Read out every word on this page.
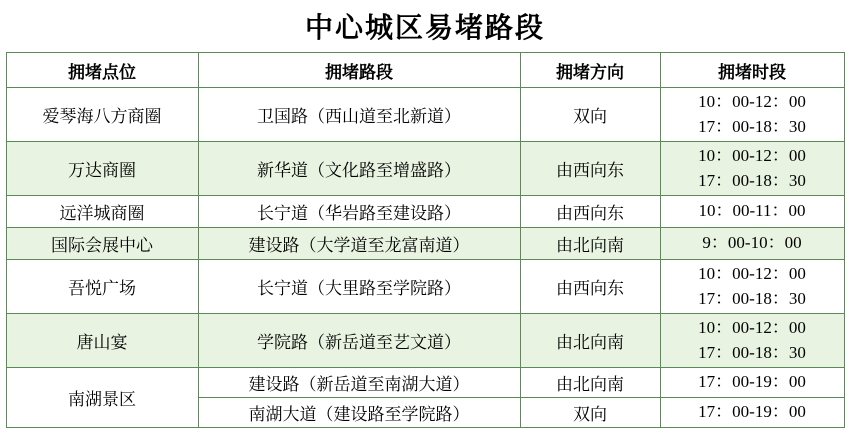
中心城区易堵路段
拥堵点位	拥堵路段	拥堵方向	拥堵时段
爱琴海八方商圈	卫国路（西山道至北新道）	双向	10：00-12：00
17：00-18：30

万达商圈	新华道（文化路至增盛路）	由西向东	10：00-12：00
17：00-18：30

远洋城商圈	长宁道（华岩路至建设路）	由西向东	10：00-11：00

国际会展中心	建设路（大学道至龙富南道）	由北向南	9：00-10：00

吾悦广场	长宁道（大里路至学院路）	由西向东	10：00-12：00
17：00-18：30

唐山宴	学院路（新岳道至艺文道）	由北向南	10：00-12：00
17：00-18：30

南湖景区	建设路（新岳道至南湖大道）	由北向南	17：00-19：00

	南湖大道（建设路至学院路）	双向	17：00-19：00
